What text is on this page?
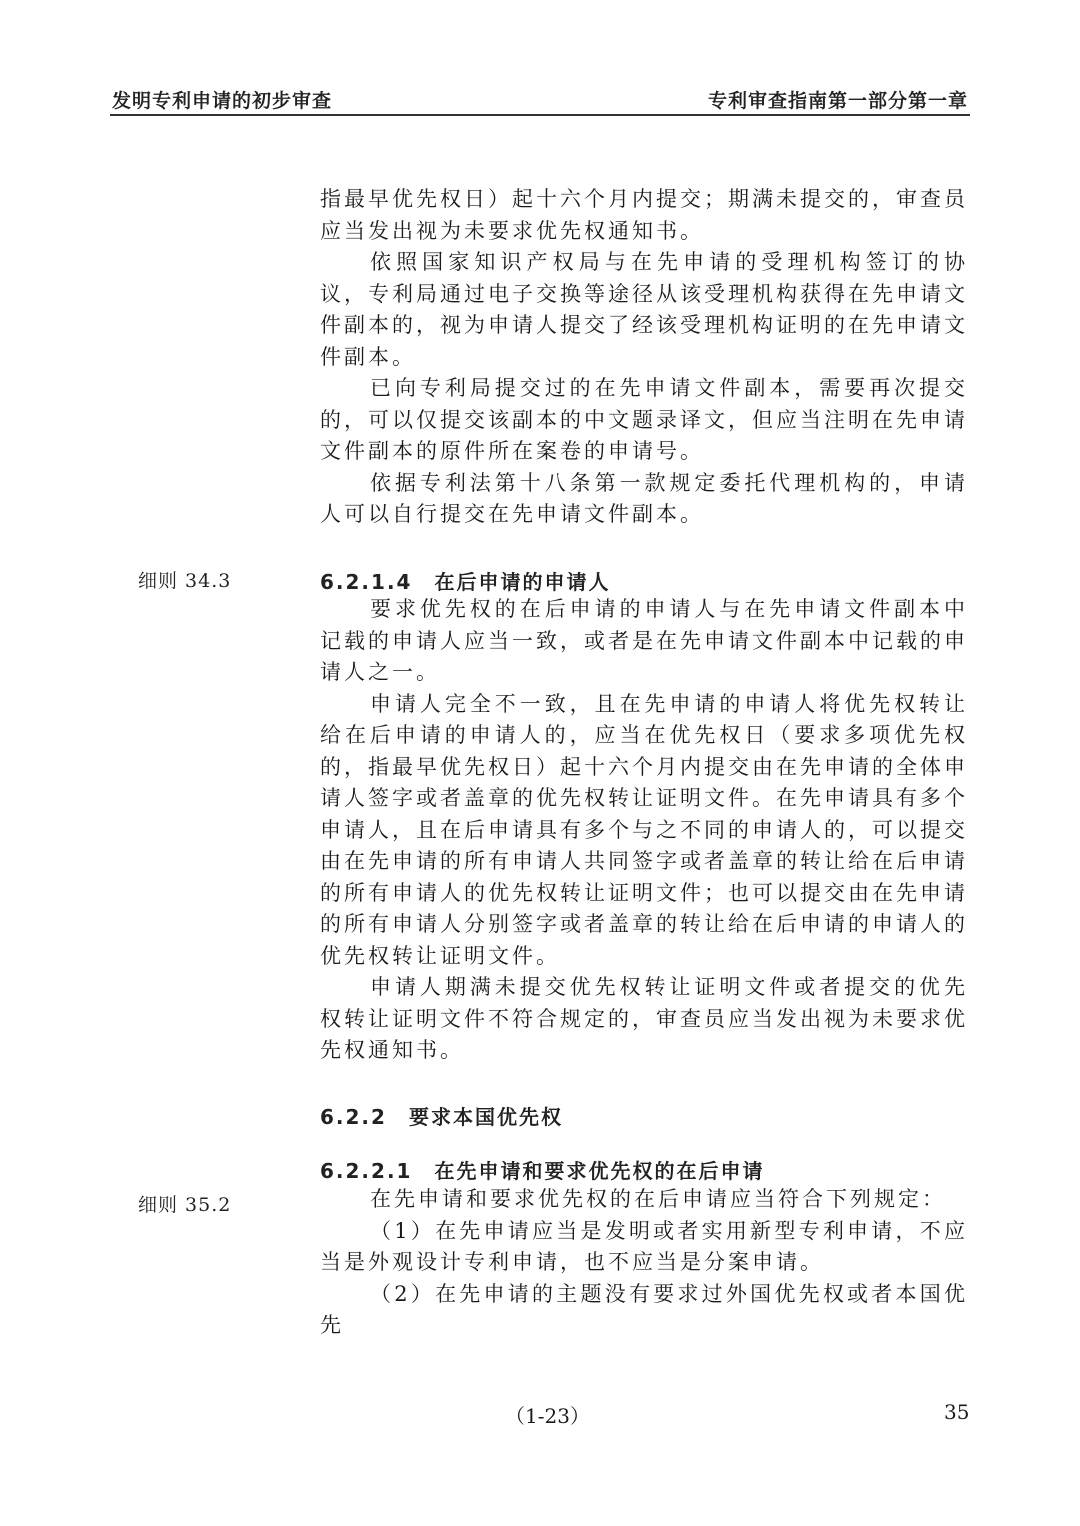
发明专利申请的初步审查	专利审查指南第一部分第一章

指最早优先权日）起十六个月内提交；期满未提交的，审查员应当发出视为未要求优先权通知书。

依照国家知识产权局与在先申请的受理机构签订的协议，专利局通过电子交换等途径从该受理机构获得在先申请文件副本的，视为申请人提交了经该受理机构证明的在先申请文件副本。

已向专利局提交过的在先申请文件副本，需要再次提交的，可以仅提交该副本的中文题录译文，但应当注明在先申请文件副本的原件所在案卷的申请号。

依据专利法第十八条第一款规定委托代理机构的，申请人可以自行提交在先申请文件副本。

细则 34.3	6.2.1.4 在后申请的申请人

要求优先权的在后申请的申请人与在先申请文件副本中记载的申请人应当一致，或者是在先申请文件副本中记载的申请人之一。

申请人完全不一致，且在先申请的申请人将优先权转让给在后申请的申请人的，应当在优先权日（要求多项优先权的，指最早优先权日）起十六个月内提交由在先申请的全体申请人签字或者盖章的优先权转让证明文件。在先申请具有多个申请人，且在后申请具有多个与之不同的申请人的，可以提交由在先申请的所有申请人共同签字或者盖章的转让给在后申请的所有申请人的优先权转让证明文件；也可以提交由在先申请的所有申请人分别签字或者盖章的转让给在后申请的申请人的优先权转让证明文件。

申请人期满未提交优先权转让证明文件或者提交的优先权转让证明文件不符合规定的，审查员应当发出视为未要求优先权通知书。

6.2.2 要求本国优先权
6.2.2.1 在先申请和要求优先权的在后申请
细则 35.2	在先申请和要求优先权的在后申请应当符合下列规定：

（1）在先申请应当是发明或者实用新型专利申请，不应当是外观设计专利申请，也不应当是分案申请。

（2）在先申请的主题没有要求过外国优先权或者本国优先

（1-23）	35
